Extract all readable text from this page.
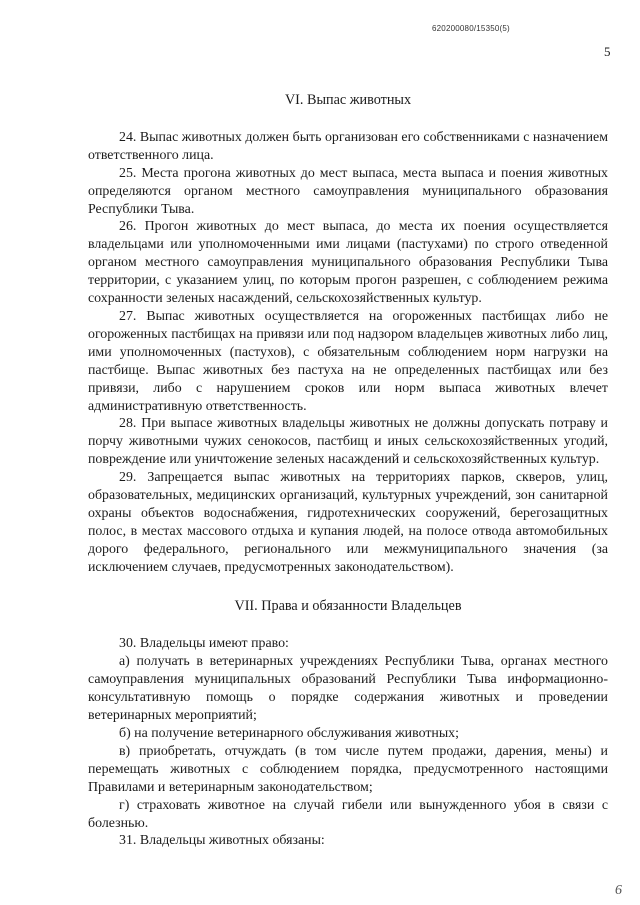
620200080/15350(5)
5
VI. Выпас животных

24. Выпас животных должен быть организован его собственниками с назначением ответственного лица.

25. Места прогона животных до мест выпаса, места выпаса и поения животных определяются органом местного самоуправления муниципального образования Республики Тыва.

26. Прогон животных до мест выпаса, до места их поения осуществляется владельцами или уполномоченными ими лицами (пастухами) по строго отведенной органом местного самоуправления муниципального образования Республики Тыва территории, с указанием улиц, по которым прогон разрешен, с соблюдением режима сохранности зеленых насаждений, сельскохозяйственных культур.

27. Выпас животных осуществляется на огороженных пастбищах либо не огороженных пастбищах на привязи или под надзором владельцев животных либо лиц, ими уполномоченных (пастухов), с обязательным соблюдением норм нагрузки на пастбище. Выпас животных без пастуха на не определенных пастбищах или без привязи, либо с нарушением сроков или норм выпаса животных влечет административную ответственность.

28. При выпасе животных владельцы животных не должны допускать потраву и порчу животными чужих сенокосов, пастбищ и иных сельскохозяйственных угодий, повреждение или уничтожение зеленых насаждений и сельскохозяйственных культур.

29. Запрещается выпас животных на территориях парков, скверов, улиц, образовательных, медицинских организаций, культурных учреждений, зон санитарной охраны объектов водоснабжения, гидротехнических сооружений, берегозащитных полос, в местах массового отдыха и купания людей, на полосе отвода автомобильных дорого федерального, регионального или межмуниципального значения (за исключением случаев, предусмотренных законодательством).

VII. Права и обязанности Владельцев

30. Владельцы имеют право:

а) получать в ветеринарных учреждениях Республики Тыва, органах местного самоуправления муниципальных образований Республики Тыва информационно-консультативную помощь о порядке содержания животных и проведении ветеринарных мероприятий;

б) на получение ветеринарного обслуживания животных;

в) приобретать, отчуждать (в том числе путем продажи, дарения, мены) и перемещать животных с соблюдением порядка, предусмотренного настоящими Правилами и ветеринарным законодательством;

г) страховать животное на случай гибели или вынужденного убоя в связи с болезнью.

31. Владельцы животных обязаны:

6
